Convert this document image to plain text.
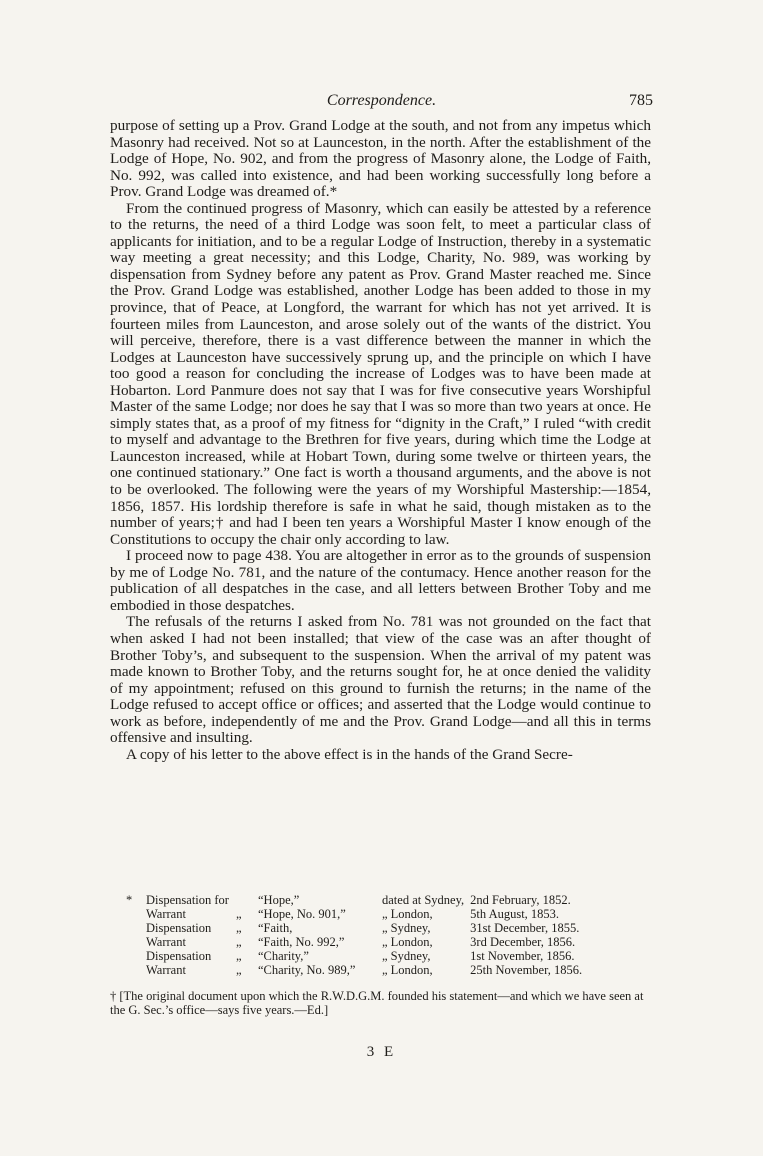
Correspondence.	785

purpose of setting up a Prov. Grand Lodge at the south, and not from any impetus which Masonry had received. Not so at Launceston, in the north. After the establishment of the Lodge of Hope, No. 902, and from the progress of Masonry alone, the Lodge of Faith, No. 992, was called into existence, and had been working successfully long before a Prov. Grand Lodge was dreamed of.*

From the continued progress of Masonry, which can easily be attested by a reference to the returns, the need of a third Lodge was soon felt, to meet a particular class of applicants for initiation, and to be a regular Lodge of Instruction, thereby in a systematic way meeting a great necessity; and this Lodge, Charity, No. 989, was working by dispensation from Sydney before any patent as Prov. Grand Master reached me. Since the Prov. Grand Lodge was established, another Lodge has been added to those in my province, that of Peace, at Longford, the warrant for which has not yet arrived. It is fourteen miles from Launceston, and arose solely out of the wants of the district. You will perceive, therefore, there is a vast difference between the manner in which the Lodges at Launceston have successively sprung up, and the principle on which I have too good a reason for concluding the increase of Lodges was to have been made at Hobarton. Lord Panmure does not say that I was for five consecutive years Worshipful Master of the same Lodge; nor does he say that I was so more than two years at once. He simply states that, as a proof of my fitness for “dignity in the Craft,” I ruled “with credit to myself and advantage to the Brethren for five years, during which time the Lodge at Launceston increased, while at Hobart Town, during some twelve or thirteen years, the one continued stationary.” One fact is worth a thousand arguments, and the above is not to be overlooked. The following were the years of my Worshipful Mastership:—1854, 1856, 1857. His lordship therefore is safe in what he said, though mistaken as to the number of years;† and had I been ten years a Worshipful Master I know enough of the Constitutions to occupy the chair only according to law.

I proceed now to page 438. You are altogether in error as to the grounds of suspension by me of Lodge No. 781, and the nature of the contumacy. Hence another reason for the publication of all despatches in the case, and all letters between Brother Toby and me embodied in those despatches.

The refusals of the returns I asked from No. 781 was not grounded on the fact that when asked I had not been installed; that view of the case was an after thought of Brother Toby’s, and subsequent to the suspension. When the arrival of my patent was made known to Brother Toby, and the returns sought for, he at once denied the validity of my appointment; refused on this ground to furnish the returns; in the name of the Lodge refused to accept office or offices; and asserted that the Lodge would continue to work as before, independently of me and the Prov. Grand Lodge—and all this in terms offensive and insulting.

A copy of his letter to the above effect is in the hands of the Grand Secre-

*	Dispensation for		“Hope,”	dated at Sydney,	2nd February, 1852.
	Warrant	„	“Hope, No. 901,”	„ London,	5th August, 1853.
	Dispensation	„	“Faith,	„ Sydney,	31st December, 1855.
	Warrant	„	“Faith, No. 992,”	„ London,	3rd December, 1856.
	Dispensation	„	“Charity,”	„ Sydney,	1st November, 1856.
	Warrant	„	“Charity, No. 989,”	„ London,	25th November, 1856.

† [The original document upon which the R.W.D.G.M. founded his statement—and which we have seen at the G. Sec.’s office—says five years.—Ed.]

3 E
